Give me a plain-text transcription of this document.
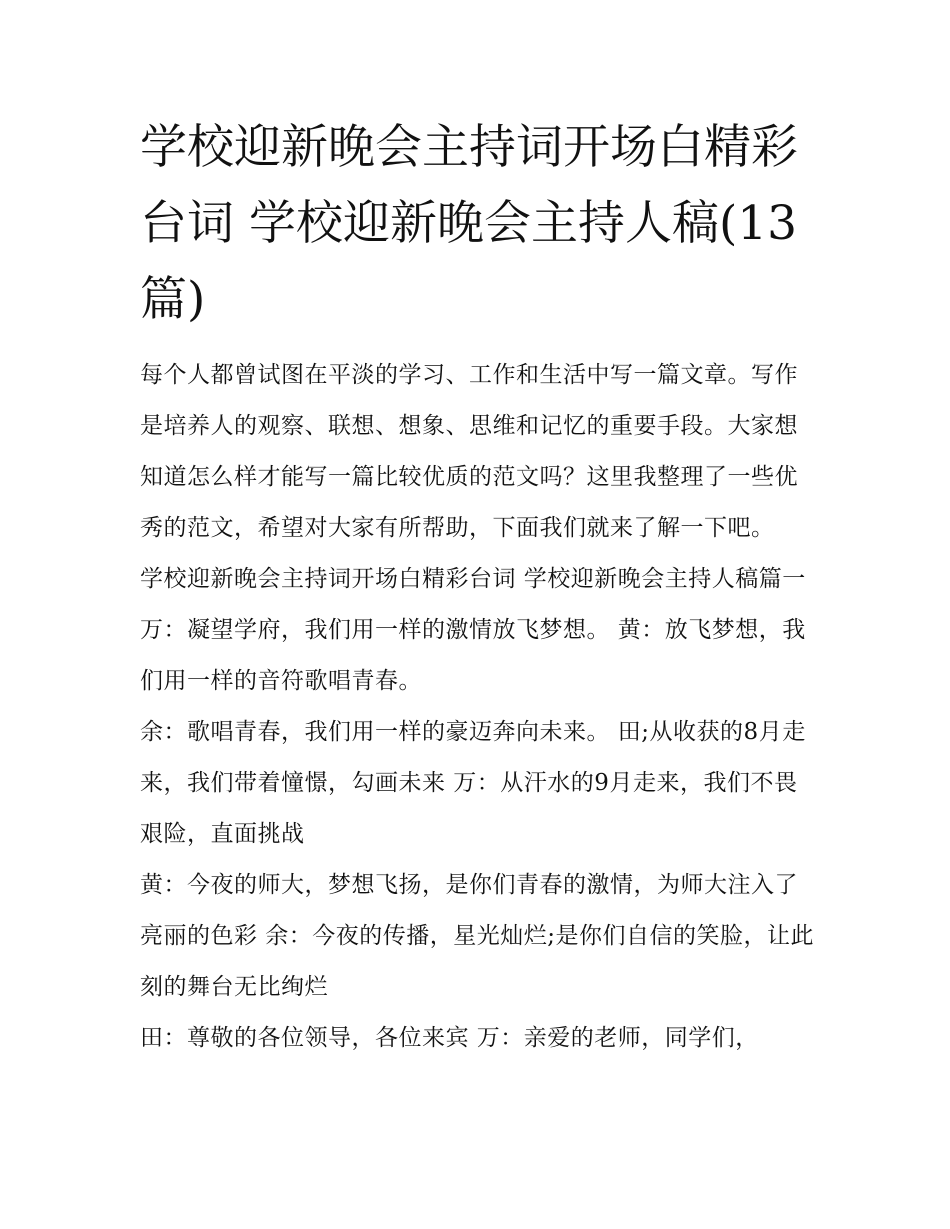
学校迎新晚会主持词开场白精彩台词 学校迎新晚会主持人稿(13篇)

每个人都曾试图在平淡的学习、工作和生活中写一篇文章。写作是培养人的观察、联想、想象、思维和记忆的重要手段。大家想知道怎么样才能写一篇比较优质的范文吗？这里我整理了一些优秀的范文，希望对大家有所帮助，下面我们就来了解一下吧。

学校迎新晚会主持词开场白精彩台词 学校迎新晚会主持人稿篇一 万：凝望学府，我们用一样的激情放飞梦想。 黄：放飞梦想，我们用一样的音符歌唱青春。

余：歌唱青春，我们用一样的豪迈奔向未来。 田;从收获的8月走来，我们带着憧憬，勾画未来 万：从汗水的9月走来，我们不畏艰险，直面挑战

黄：今夜的师大，梦想飞扬，是你们青春的激情，为师大注入了亮丽的色彩 余：今夜的传播，星光灿烂;是你们自信的笑脸，让此刻的舞台无比绚烂

田：尊敬的各位领导，各位来宾 万：亲爱的老师，同学们，
